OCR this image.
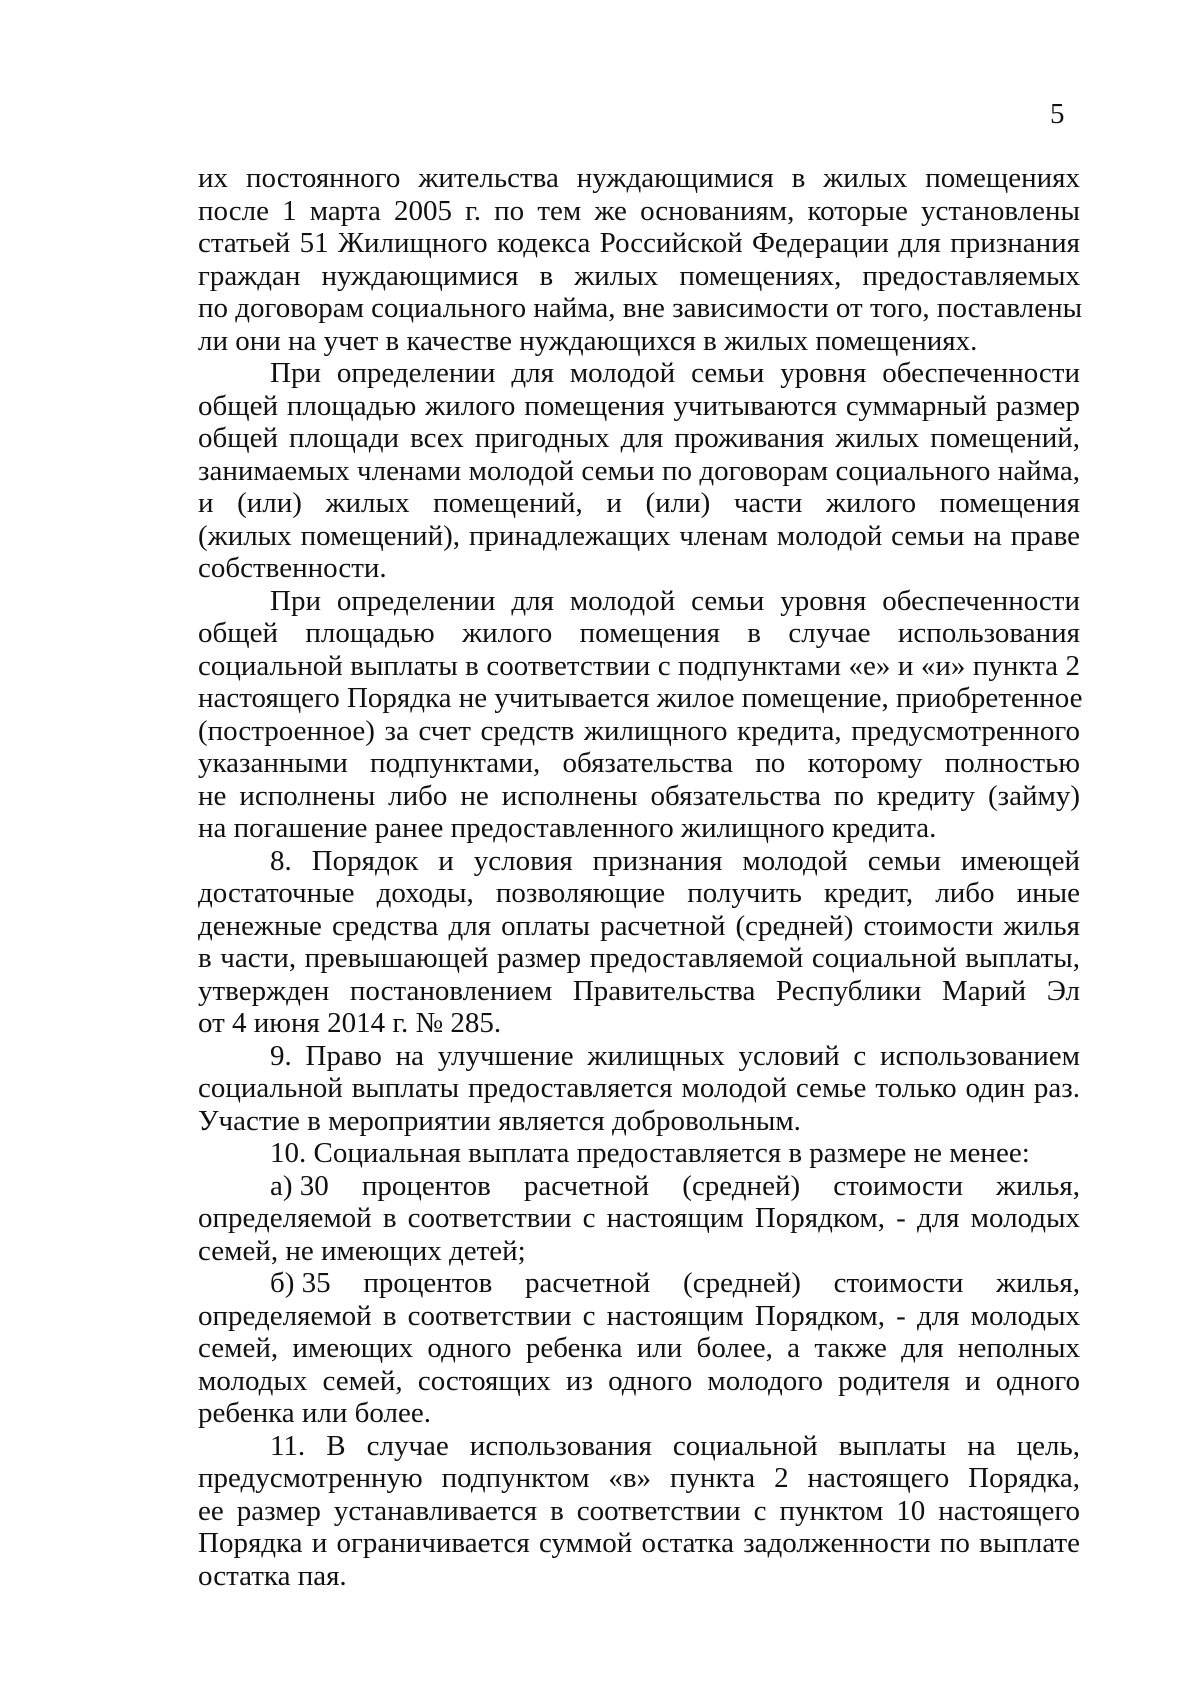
5
их постоянного жительства нуждающимися в жилых помещениях
после 1 марта 2005 г. по тем же основаниям, которые установлены
статьей 51 Жилищного кодекса Российской Федерации для признания
граждан нуждающимися в жилых помещениях, предоставляемых
по договорам социального найма, вне зависимости от того, поставлены
ли они на учет в качестве нуждающихся в жилых помещениях.
При определении для молодой семьи уровня обеспеченности
общей площадью жилого помещения учитываются суммарный размер
общей площади всех пригодных для проживания жилых помещений,
занимаемых членами молодой семьи по договорам социального найма,
и (или) жилых помещений, и (или) части жилого помещения
(жилых помещений), принадлежащих членам молодой семьи на праве
собственности.
При определении для молодой семьи уровня обеспеченности
общей площадью жилого помещения в случае использования
социальной выплаты в соответствии с подпунктами «е» и «и» пункта 2
настоящего Порядка не учитывается жилое помещение, приобретенное
(построенное) за счет средств жилищного кредита, предусмотренного
указанными подпунктами, обязательства по которому полностью
не исполнены либо не исполнены обязательства по кредиту (займу)
на погашение ранее предоставленного жилищного кредита.
8. Порядок и условия признания молодой семьи имеющей
достаточные доходы, позволяющие получить кредит, либо иные
денежные средства для оплаты расчетной (средней) стоимости жилья
в части, превышающей размер предоставляемой социальной выплаты,
утвержден постановлением Правительства Республики Марий Эл
от 4 июня 2014 г. № 285.
9. Право на улучшение жилищных условий с использованием
социальной выплаты предоставляется молодой семье только один раз.
Участие в мероприятии является добровольным.
10. Социальная выплата предоставляется в размере не менее:
а) 30 процентов расчетной (средней) стоимости жилья,
определяемой в соответствии с настоящим Порядком, - для молодых
семей, не имеющих детей;
б) 35 процентов расчетной (средней) стоимости жилья,
определяемой в соответствии с настоящим Порядком, - для молодых
семей, имеющих одного ребенка или более, а также для неполных
молодых семей, состоящих из одного молодого родителя и одного
ребенка или более.
11. В случае использования социальной выплаты на цель,
предусмотренную подпунктом «в» пункта 2 настоящего Порядка,
ее размер устанавливается в соответствии с пунктом 10 настоящего
Порядка и ограничивается суммой остатка задолженности по выплате
остатка пая.
